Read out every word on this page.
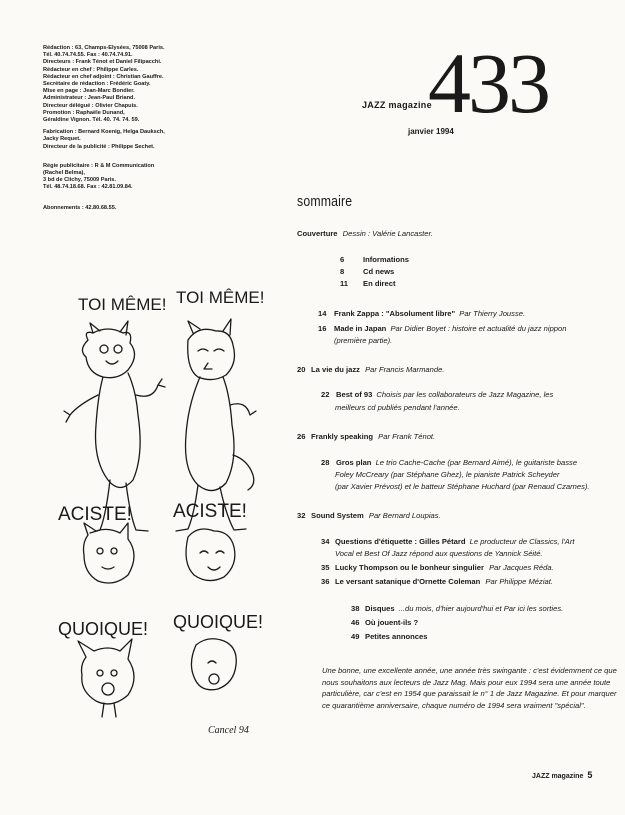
Rédaction : 63, Champs-Elysées, 75008 Paris.
Tél. 40.74.74.55. Fax : 40.74.74.91.
Directeurs : Frank Ténot et Daniel Filipacchi.
Rédacteur en chef : Philippe Carles.
Rédacteur en chef adjoint : Christian Gauffre.
Secrétaire de rédaction : Frédéric Goaty.
Mise en page : Jean-Marc Bondier.
Administrateur : Jean-Paul Briand.
Directeur délégué : Olivier Chapuis.
Promotion : Raphaële Dunand,
Géraldine Vignon. Tél. 40. 74. 74. 59.
Fabrication : Bernard Koenig, Helga Dauksch,
Jacky Requet.
Directeur de la publicité : Philippe Sechet.
Régie publicitaire : R & M Communication
(Rachel Belma),
3 bd de Clichy, 75009 Paris.
Tél. 48.74.18.68. Fax : 42.81.09.84.
Abonnements : 42.80.68.55.
JAZZ magazine
433
janvier 1994
sommaire
Couverture Dessin : Valérie Lancaster.
6 Informations
8 Cd news
11 En direct
14 Frank Zappa : "Absolument libre" Par Thierry Jousse.
16 Made in Japan Par Didier Boyet : histoire et actualité du jazz nippon
(première partie).
20 La vie du jazz Par Francis Marmande.
22 Best of 93 Choisis par les collaborateurs de Jazz Magazine, les
meilleurs cd publiés pendant l'année.
26 Frankly speaking Par Frank Ténot.
28 Gros plan Le trio Cache-Cache (par Bernard Aimé), le guitariste basse
Foley McCreary (par Stéphane Ghez), le pianiste Patrick Scheyder
(par Xavier Prévost) et le batteur Stéphane Huchard (par Renaud Czarnes).
32 Sound System Par Bernard Loupias.
34 Questions d'étiquette : Gilles Pétard Le producteur de Classics, l'Art
Vocal et Best Of Jazz répond aux questions de Yannick Séité.
35 Lucky Thompson ou le bonheur singulier Par Jacques Réda.
36 Le versant satanique d'Ornette Coleman Par Philippe Méziat.
38 Disques ...du mois, d'hier aujourd'hui et Par ici les sorties.
46 Où jouent-ils ?
49 Petites annonces
Une bonne, une excellente année, une année très swingante : c'est évidemment ce que nous souhaitons aux lecteurs de Jazz Mag. Mais pour eux 1994 sera une année toute particulière, car c'est en 1954 que paraissait le n° 1 de Jazz Magazine. Et pour marquer ce quarantième anniversaire, chaque numéro de 1994 sera vraiment "spécial".
TOI MÊME! TOI MÊME!
ACISTE! ACISTE!
QUOIQUE! QUOIQUE!
Cancel 94
JAZZ magazine 5
